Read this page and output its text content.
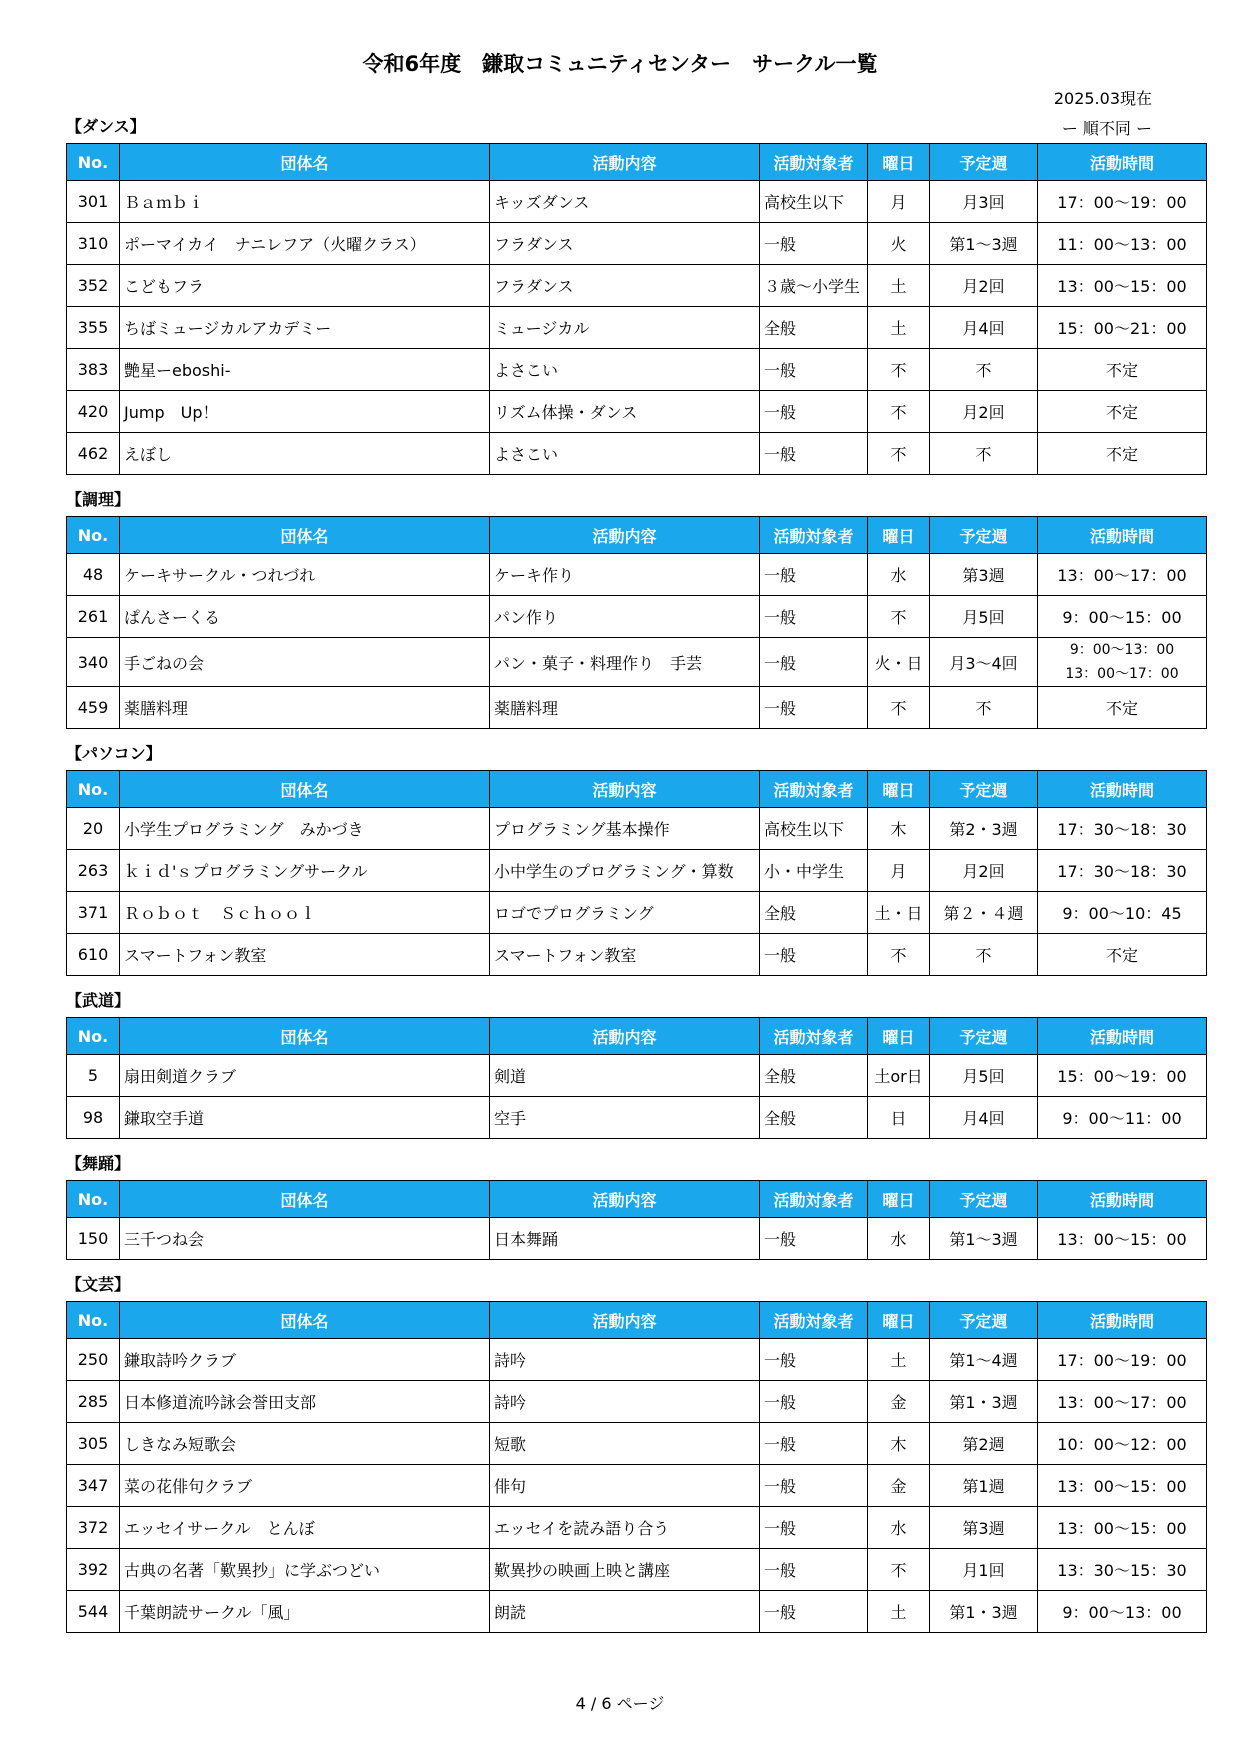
令和6年度　鎌取コミュニティセンター　サークル一覧
2025.03現在
【ダンス】
No.	団体名	活動内容	活動対象者	曜日	予定週	活動時間
301	Ｂａｍｂｉ	キッズダンス	高校生以下	月	月3回	17：00～19：00

310	ポーマイカイ　ナニレフア（火曜クラス）	フラダンス	一般	火	第1～3週	11：00～13：00

352	こどもフラ	フラダンス	３歳～小学生	土	月2回	13：00～15：00

355	ちばミュージカルアカデミー	ミュージカル	全般	土	月4回	15：00～21：00

383	艶星ーeboshi-	よさこい	一般	不	不	不定

420	Jump　Up！	リズム体操・ダンス	一般	不	月2回	不定

462	えぼし	よさこい	一般	不	不	不定
【調理】
No.	団体名	活動内容	活動対象者	曜日	予定週	活動時間
48	ケーキサークル・つれづれ	ケーキ作り	一般	水	第3週	13：00～17：00

261	ぱんさーくる	パン作り	一般	不	月5回	9：00～15：00

340	手ごねの会	パン・菓子・料理作り　手芸	一般	火・日	月3～4回	9：00～13：00
13：00～17：00

459	薬膳料理	薬膳料理	一般	不	不	不定
【パソコン】
No.	団体名	活動内容	活動対象者	曜日	予定週	活動時間
20	小学生プログラミング　みかづき	プログラミング基本操作	高校生以下	木	第2・3週	17：30～18：30

263	ｋｉｄ'ｓプログラミングサークル	小中学生のプログラミング・算数	小・中学生	月	月2回	17：30～18：30

371	Ｒｏｂｏｔ　Ｓｃｈｏｏｌ	ロゴでプログラミング	全般	土・日	第２・４週	9：00～10：45

610	スマートフォン教室	スマートフォン教室	一般	不	不	不定
【武道】
No.	団体名	活動内容	活動対象者	曜日	予定週	活動時間
5	扇田剣道クラブ	剣道	全般	土or日	月5回	15：00～19：00

98	鎌取空手道	空手	全般	日	月4回	9：00～11：00
【舞踊】
No.	団体名	活動内容	活動対象者	曜日	予定週	活動時間
150	三千つね会	日本舞踊	一般	水	第1～3週	13：00～15：00
【文芸】
No.	団体名	活動内容	活動対象者	曜日	予定週	活動時間
250	鎌取詩吟クラブ	詩吟	一般	土	第1～4週	17：00～19：00

285	日本修道流吟詠会誉田支部	詩吟	一般	金	第1・3週	13：00～17：00

305	しきなみ短歌会	短歌	一般	木	第2週	10：00～12：00

347	菜の花俳句クラブ	俳句	一般	金	第1週	13：00～15：00

372	エッセイサークル　とんぼ	エッセイを読み語り合う	一般	水	第3週	13：00～15：00

392	古典の名著「歎異抄」に学ぶつどい	歎異抄の映画上映と講座	一般	不	月1回	13：30～15：30

544	千葉朗読サークル「風」	朗読	一般	土	第1・3週	9：00～13：00
ー 順不同 ー
4 / 6 ページ
